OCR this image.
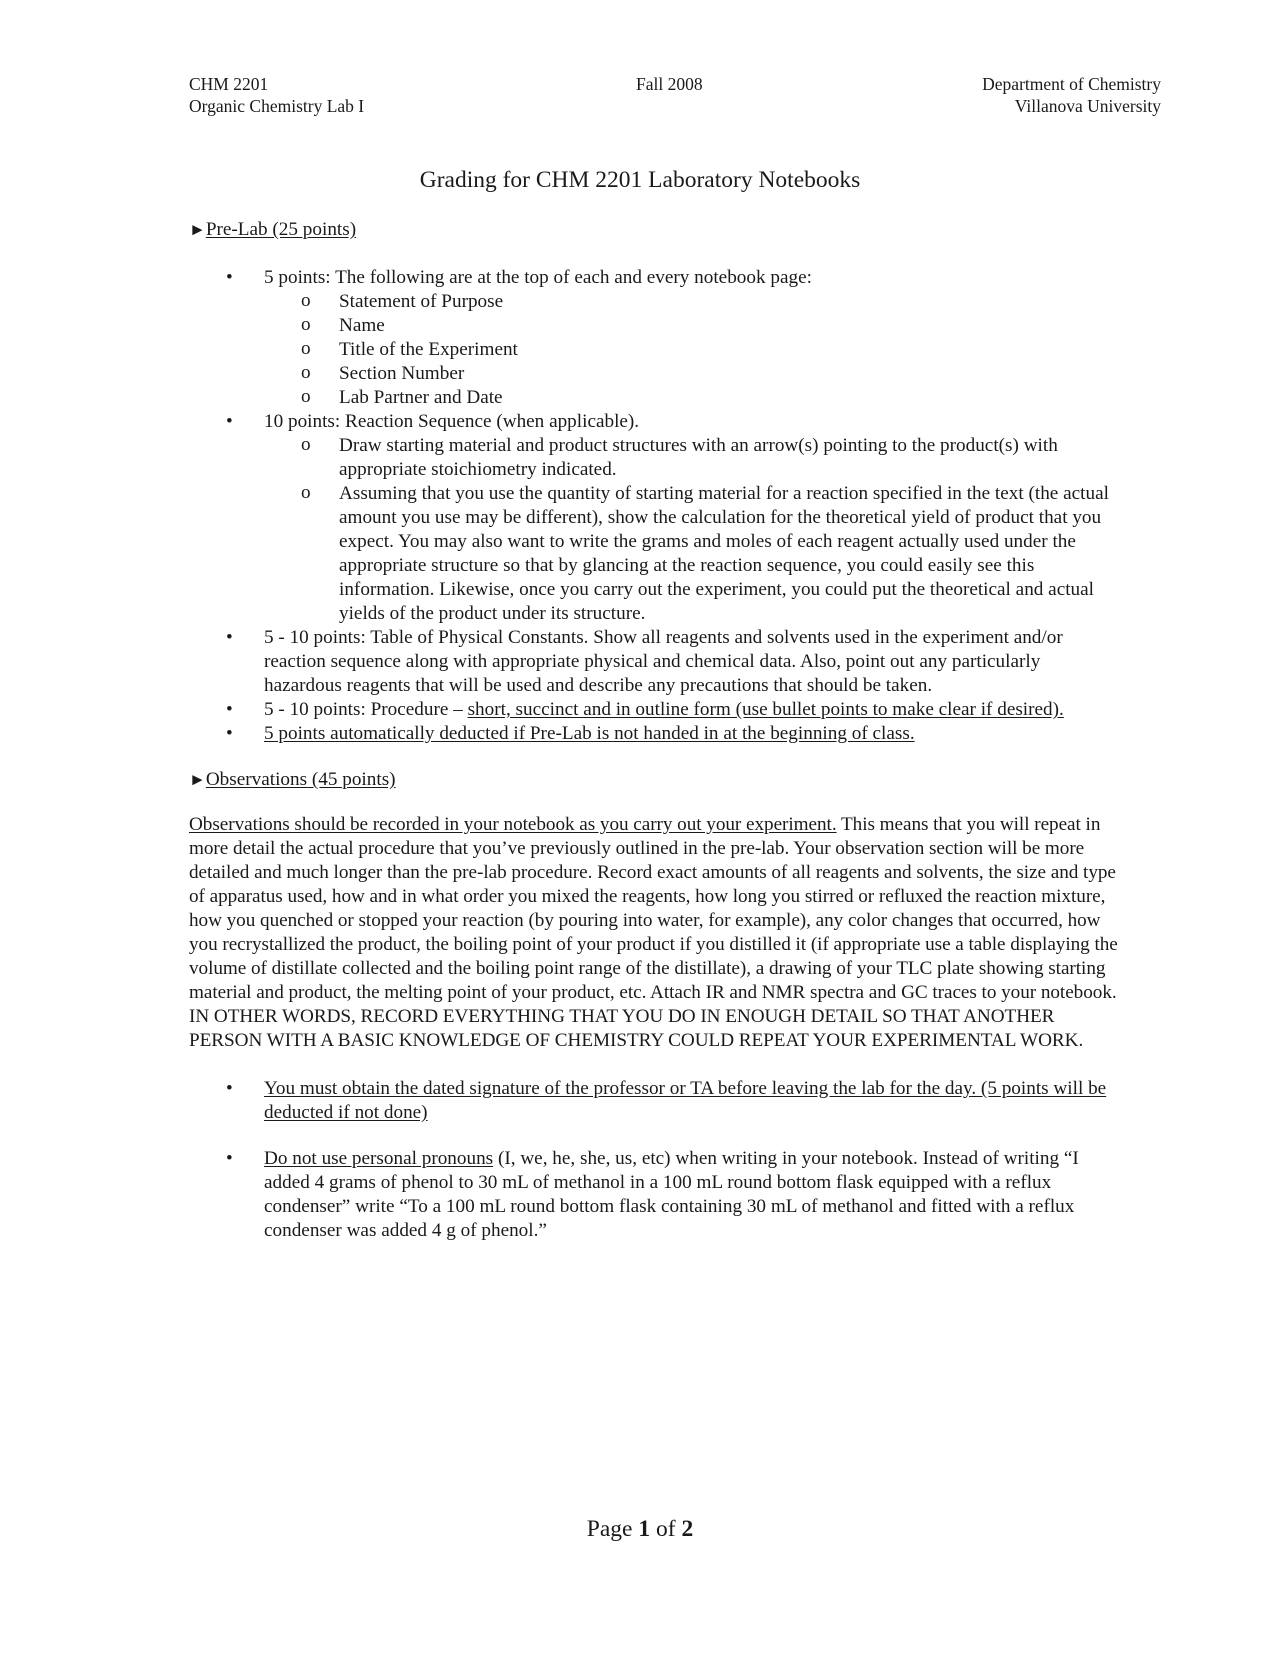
CHM 2201
Organic Chemistry Lab I
Fall 2008	Department of Chemistry
Villanova University
Grading for CHM 2201 Laboratory Notebooks
►Pre-Lab (25 points)
• 5 points: The following are at the top of each and every notebook page:
o Statement of Purpose
o Name
o Title of the Experiment
o Section Number
o Lab Partner and Date
• 10 points: Reaction Sequence (when applicable).
o Draw starting material and product structures with an arrow(s) pointing to the product(s) with appropriate stoichiometry indicated.
o Assuming that you use the quantity of starting material for a reaction specified in the text (the actual amount you use may be different), show the calculation for the theoretical yield of product that you expect. You may also want to write the grams and moles of each reagent actually used under the appropriate structure so that by glancing at the reaction sequence, you could easily see this information. Likewise, once you carry out the experiment, you could put the theoretical and actual yields of the product under its structure.
• 5 - 10 points: Table of Physical Constants. Show all reagents and solvents used in the experiment and/or reaction sequence along with appropriate physical and chemical data. Also, point out any particularly hazardous reagents that will be used and describe any precautions that should be taken.
• 5 - 10 points: Procedure – short, succinct and in outline form (use bullet points to make clear if desired).
• 5 points automatically deducted if Pre-Lab is not handed in at the beginning of class.
►Observations (45 points)

Observations should be recorded in your notebook as you carry out your experiment. This means that you will repeat in more detail the actual procedure that you’ve previously outlined in the pre-lab. Your observation section will be more detailed and much longer than the pre-lab procedure. Record exact amounts of all reagents and solvents, the size and type of apparatus used, how and in what order you mixed the reagents, how long you stirred or refluxed the reaction mixture, how you quenched or stopped your reaction (by pouring into water, for example), any color changes that occurred, how you recrystallized the product, the boiling point of your product if you distilled it (if appropriate use a table displaying the volume of distillate collected and the boiling point range of the distillate), a drawing of your TLC plate showing starting material and product, the melting point of your product, etc. Attach IR and NMR spectra and GC traces to your notebook. IN OTHER WORDS, RECORD EVERYTHING THAT YOU DO IN ENOUGH DETAIL SO THAT ANOTHER PERSON WITH A BASIC KNOWLEDGE OF CHEMISTRY COULD REPEAT YOUR EXPERIMENTAL WORK.

• You must obtain the dated signature of the professor or TA before leaving the lab for the day. (5 points will be deducted if not done)
• Do not use personal pronouns (I, we, he, she, us, etc) when writing in your notebook. Instead of writing “I added 4 grams of phenol to 30 mL of methanol in a 100 mL round bottom flask equipped with a reflux condenser” write “To a 100 mL round bottom flask containing 30 mL of methanol and fitted with a reflux condenser was added 4 g of phenol.”
Page 1 of 2
